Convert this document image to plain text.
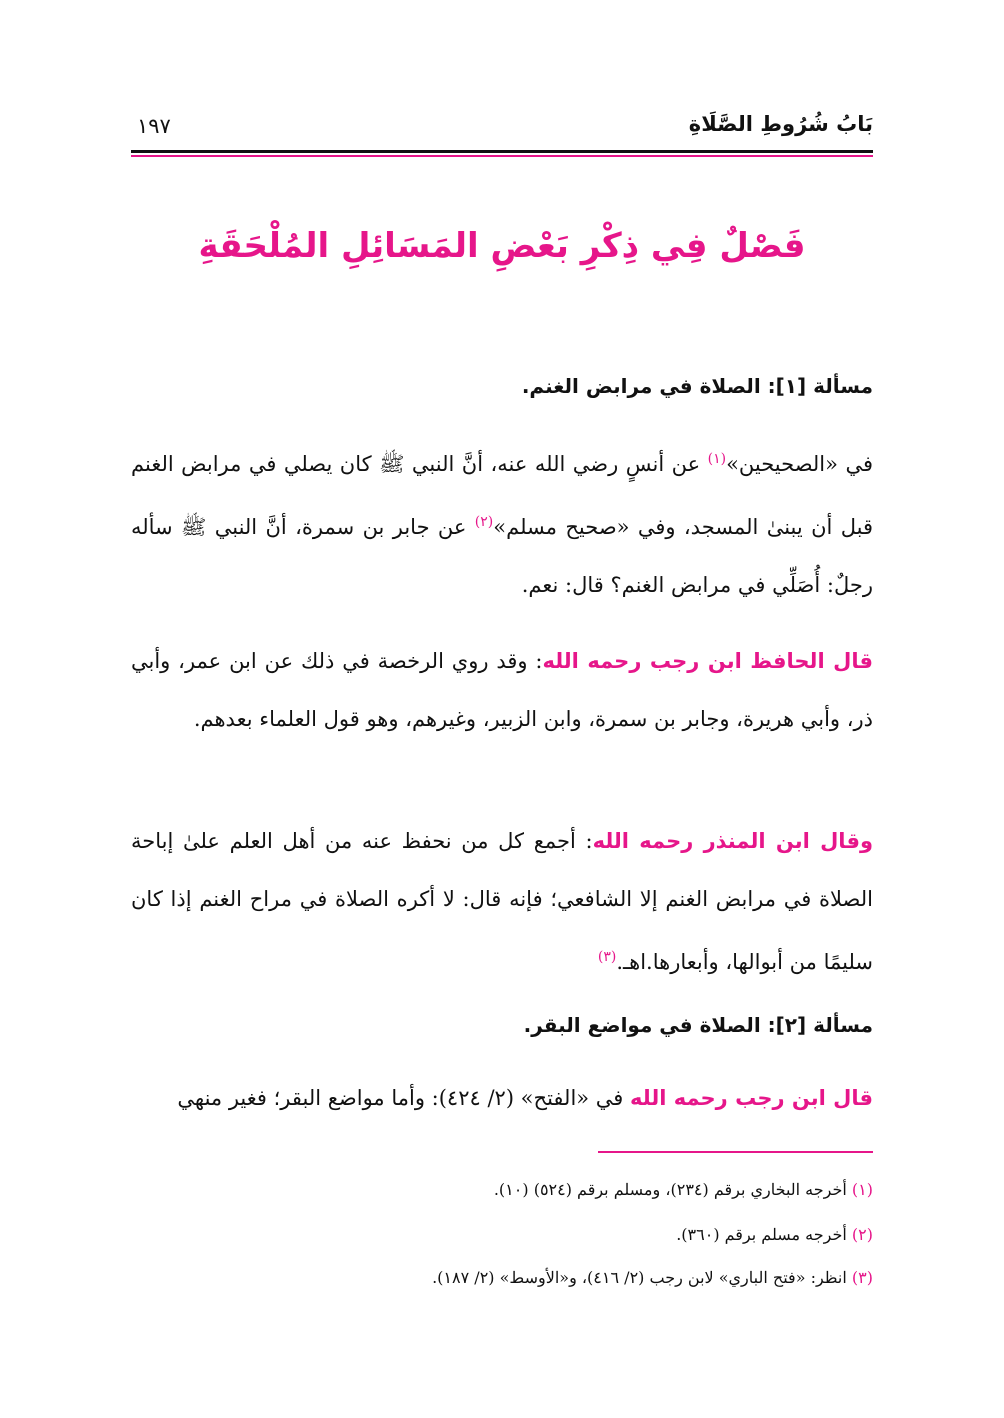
بَابُ شُرُوطِ الصَّلَاةِ
١٩٧
فَصْلٌ فِي ذِكْرِ بَعْضِ المَسَائِلِ المُلْحَقَةِ
مسألة [١]: الصلاة في مرابض الغنم.
في «الصحيحين»$^{(١)}$ عن أنسٍ رضي الله عنه، أنَّ النبي ﷺ كان يصلي في مرابض الغنم قبل أن يبنىٰ المسجد، وفي «صحيح مسلم»$^{(٢)}$ عن جابر بن سمرة، أنَّ النبي ﷺ سأله رجلٌ: أُصَلِّي في مرابض الغنم؟ قال: نعم.
قال الحافظ ابن رجب رحمه الله: وقد روي الرخصة في ذلك عن ابن عمر، وأبي ذر، وأبي هريرة، وجابر بن سمرة، وابن الزبير، وغيرهم، وهو قول العلماء بعدهم.
وقال ابن المنذر رحمه الله: أجمع كل من نحفظ عنه من أهل العلم علىٰ إباحة الصلاة في مرابض الغنم إلا الشافعي؛ فإنه قال: لا أكره الصلاة في مراح الغنم إذا كان سليمًا من أبوالها، وأبعارها.اهـ.$^{(٣)}$
مسألة [٢]: الصلاة في مواضع البقر.
قال ابن رجب رحمه الله في «الفتح» (٢/ ٤٢٤): وأما مواضع البقر؛ فغير منهي
(١) أخرجه البخاري برقم (٢٣٤)، ومسلم برقم (٥٢٤) (١٠).
(٢) أخرجه مسلم برقم (٣٦٠).
(٣) انظر: «فتح الباري» لابن رجب (٢/ ٤١٦)، و«الأوسط» (٢/ ١٨٧).
